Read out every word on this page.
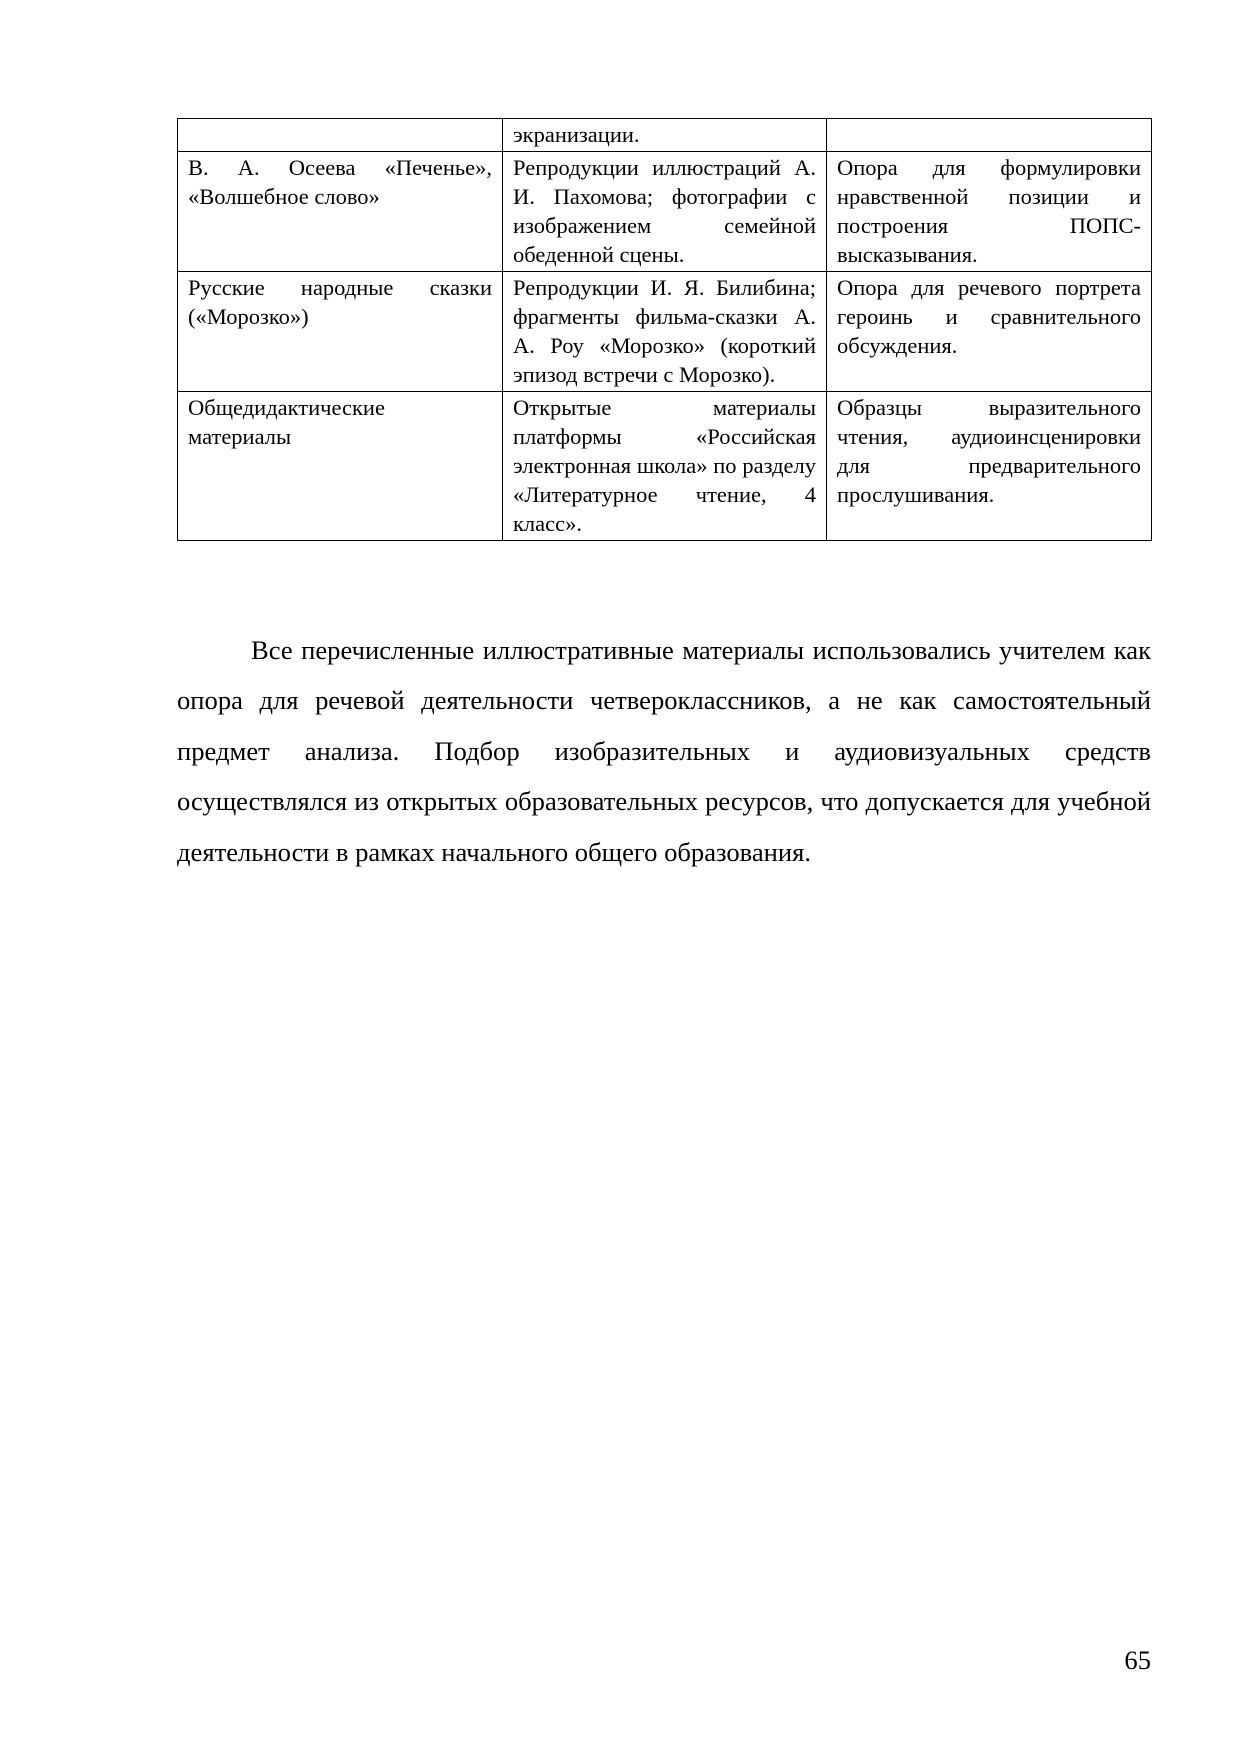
	экранизации.	
В. А. Осеева «Печенье», «Волшебное слово»	Репродукции иллюстраций А. И. Пахомова; фотографии с изображением семейной обеденной сцены.	Опора для формулировки нравственной позиции и построения ПОПС-высказывания.
Русские народные сказки («Морозко»)	Репродукции И. Я. Билибина; фрагменты фильма-сказки А. А. Роу «Морозко» (короткий эпизод встречи с Морозко).	Опора для речевого портрета героинь и сравнительного обсуждения.
Общедидактические материалы	Открытые материалы платформы «Российская электронная школа» по разделу «Литературное чтение, 4 класс».	Образцы выразительного чтения, аудиоинсценировки для предварительного прослушивания.

Все перечисленные иллюстративные материалы использовались учителем как опора для речевой деятельности четвероклассников, а не как самостоятельный предмет анализа. Подбор изобразительных и аудиовизуальных средств осуществлялся из открытых образовательных ресурсов, что допускается для учебной деятельности в рамках начального общего образования.

65
